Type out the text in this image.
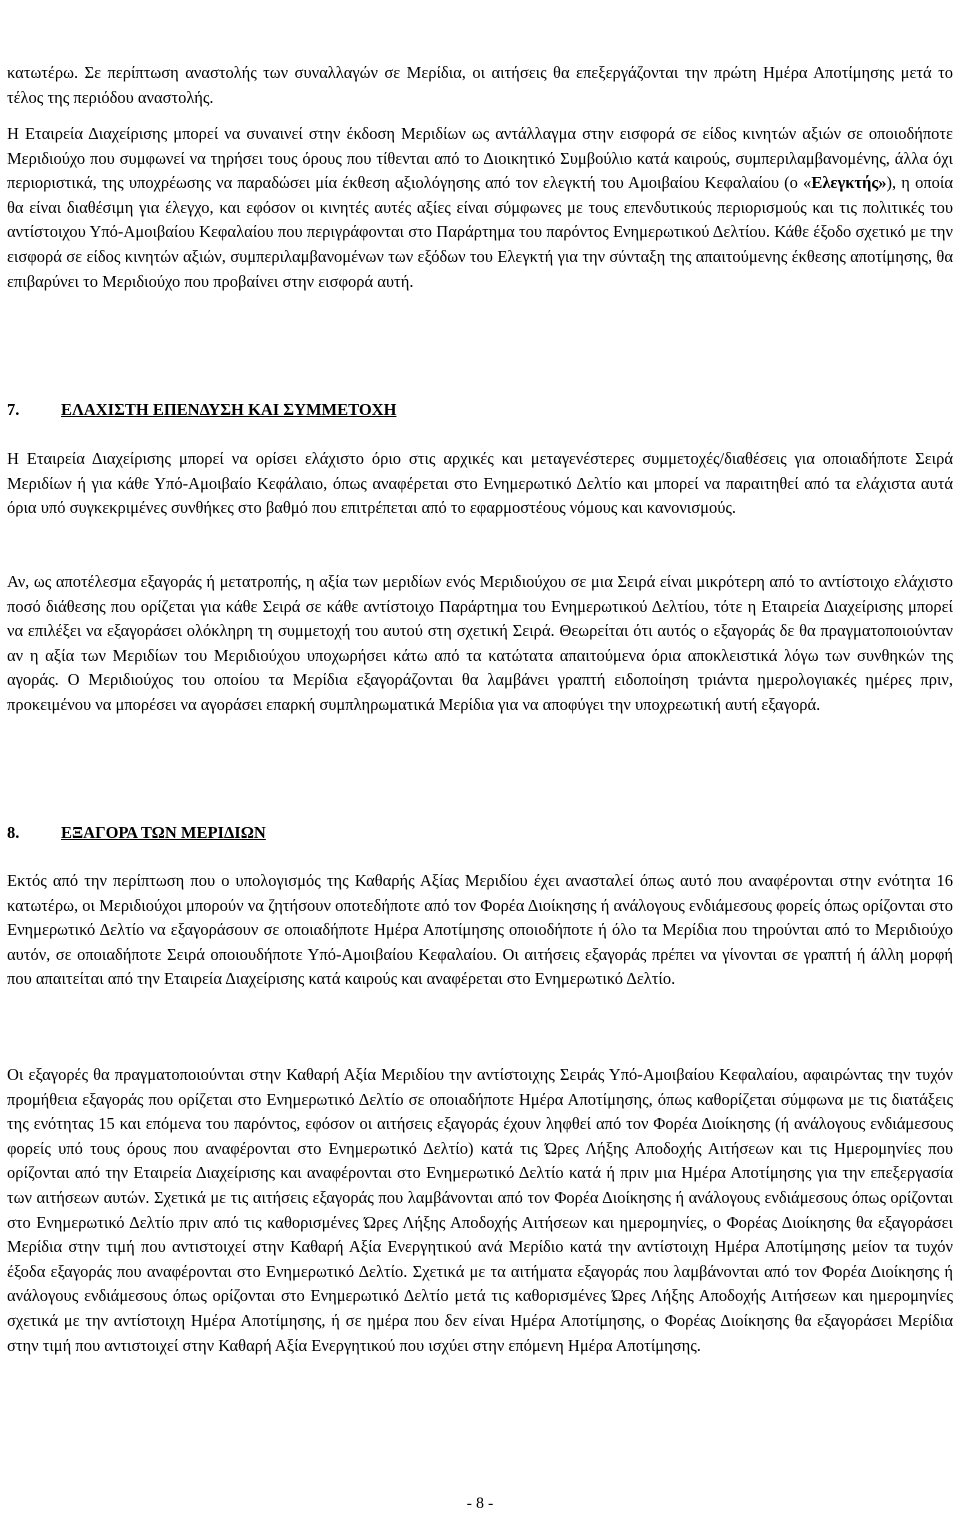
κατωτέρω. Σε περίπτωση αναστολής των συναλλαγών σε Μερίδια, οι αιτήσεις θα επεξεργάζονται την πρώτη Ημέρα Αποτίμησης μετά το τέλος της περιόδου αναστολής.

Η Εταιρεία Διαχείρισης μπορεί να συναινεί στην έκδοση Μεριδίων ως αντάλλαγμα στην εισφορά σε είδος κινητών αξιών σε οποιοδήποτε Μεριδιούχο που συμφωνεί να τηρήσει τους όρους που τίθενται από το Διοικητικό Συμβούλιο κατά καιρούς, συμπεριλαμβανομένης, άλλα όχι περιοριστικά, της υποχρέωσης να παραδώσει μία έκθεση αξιολόγησης από τον ελεγκτή του Αμοιβαίου Κεφαλαίου (ο «Ελεγκτής»), η οποία θα είναι διαθέσιμη για έλεγχο, και εφόσον οι κινητές αυτές αξίες είναι σύμφωνες με τους επενδυτικούς περιορισμούς και τις πολιτικές του αντίστοιχου Υπό-Αμοιβαίου Κεφαλαίου που περιγράφονται στο Παράρτημα του παρόντος Ενημερωτικού Δελτίου. Κάθε έξοδο σχετικό με την εισφορά σε είδος κινητών αξιών, συμπεριλαμβανομένων των εξόδων του Ελεγκτή για την σύνταξη της απαιτούμενης έκθεσης αποτίμησης, θα επιβαρύνει το Μεριδιούχο που προβαίνει στην εισφορά αυτή.

7.	ΕΛΑΧΙΣΤΗ ΕΠΕΝΔΥΣΗ ΚΑΙ ΣΥΜΜΕΤΟΧΗ

Η Εταιρεία Διαχείρισης μπορεί να ορίσει ελάχιστο όριο στις αρχικές και μεταγενέστερες συμμετοχές/διαθέσεις για οποιαδήποτε Σειρά Μεριδίων ή για κάθε Υπό-Αμοιβαίο Κεφάλαιο, όπως αναφέρεται στο Ενημερωτικό Δελτίο και μπορεί να παραιτηθεί από τα ελάχιστα αυτά όρια υπό συγκεκριμένες συνθήκες στο βαθμό που επιτρέπεται από το εφαρμοστέους νόμους και κανονισμούς.

Αν, ως αποτέλεσμα εξαγοράς ή μετατροπής, η αξία των μεριδίων ενός Μεριδιούχου σε μια Σειρά είναι μικρότερη από το αντίστοιχο ελάχιστο ποσό διάθεσης που ορίζεται για κάθε Σειρά σε κάθε αντίστοιχο Παράρτημα του Ενημερωτικού Δελτίου, τότε η Εταιρεία Διαχείρισης μπορεί να επιλέξει να εξαγοράσει ολόκληρη τη συμμετοχή του αυτού στη σχετική Σειρά. Θεωρείται ότι αυτός ο εξαγοράς δε θα πραγματοποιούνταν αν η αξία των Μεριδίων του Μεριδιούχου υποχωρήσει κάτω από τα κατώτατα απαιτούμενα όρια αποκλειστικά λόγω των συνθηκών της αγοράς. Ο Μεριδιούχος του οποίου τα Μερίδια εξαγοράζονται θα λαμβάνει γραπτή ειδοποίηση τριάντα ημερολογιακές ημέρες πριν, προκειμένου να μπορέσει να αγοράσει επαρκή συμπληρωματικά Μερίδια για να αποφύγει την υποχρεωτική αυτή εξαγορά.

8.	ΕΞΑΓΟΡΑ ΤΩΝ ΜΕΡΙΔΙΩΝ

Εκτός από την περίπτωση που ο υπολογισμός της Καθαρής Αξίας Μεριδίου έχει ανασταλεί όπως αυτό που αναφέρονται στην ενότητα 16 κατωτέρω, οι Μεριδιούχοι μπορούν να ζητήσουν οποτεδήποτε από τον Φορέα Διοίκησης ή ανάλογους ενδιάμεσους φορείς όπως ορίζονται στο Ενημερωτικό Δελτίο να εξαγοράσουν σε οποιαδήποτε Ημέρα Αποτίμησης οποιοδήποτε ή όλο τα Μερίδια που τηρούνται από το Μεριδιούχο αυτόν, σε οποιαδήποτε Σειρά οποιουδήποτε Υπό-Αμοιβαίου Κεφαλαίου. Οι αιτήσεις εξαγοράς πρέπει να γίνονται σε γραπτή ή άλλη μορφή που απαιτείται από την Εταιρεία Διαχείρισης κατά καιρούς και αναφέρεται στο Ενημερωτικό Δελτίο.

Οι εξαγορές θα πραγματοποιούνται στην Καθαρή Αξία Μεριδίου την αντίστοιχης Σειράς Υπό-Αμοιβαίου Κεφαλαίου, αφαιρώντας την τυχόν προμήθεια εξαγοράς που ορίζεται στο Ενημερωτικό Δελτίο σε οποιαδήποτε Ημέρα Αποτίμησης, όπως καθορίζεται σύμφωνα με τις διατάξεις της ενότητας 15 και επόμενα του παρόντος, εφόσον οι αιτήσεις εξαγοράς έχουν ληφθεί από τον Φορέα Διοίκησης (ή ανάλογους ενδιάμεσους φορείς υπό τους όρους που αναφέρονται στο Ενημερωτικό Δελτίο) κατά τις Ώρες Λήξης Αποδοχής Αιτήσεων και τις Ημερομηνίες που ορίζονται από την Εταιρεία Διαχείρισης και αναφέρονται στο Ενημερωτικό Δελτίο κατά ή πριν μια Ημέρα Αποτίμησης για την επεξεργασία των αιτήσεων αυτών. Σχετικά με τις αιτήσεις εξαγοράς που λαμβάνονται από τον Φορέα Διοίκησης ή ανάλογους ενδιάμεσους όπως ορίζονται στο Ενημερωτικό Δελτίο πριν από τις καθορισμένες Ώρες Λήξης Αποδοχής Αιτήσεων και ημερομηνίες, ο Φορέας Διοίκησης θα εξαγοράσει Μερίδια στην τιμή που αντιστοιχεί στην Καθαρή Αξία Ενεργητικού ανά Μερίδιο κατά την αντίστοιχη Ημέρα Αποτίμησης μείον τα τυχόν έξοδα εξαγοράς που αναφέρονται στο Ενημερωτικό Δελτίο. Σχετικά με τα αιτήματα εξαγοράς που λαμβάνονται από τον Φορέα Διοίκησης ή ανάλογους ενδιάμεσους όπως ορίζονται στο Ενημερωτικό Δελτίο μετά τις καθορισμένες Ώρες Λήξης Αποδοχής Αιτήσεων και ημερομηνίες σχετικά με την αντίστοιχη Ημέρα Αποτίμησης, ή σε ημέρα που δεν είναι Ημέρα Αποτίμησης, ο Φορέας Διοίκησης θα εξαγοράσει Μερίδια στην τιμή που αντιστοιχεί στην Καθαρή Αξία Ενεργητικού που ισχύει στην επόμενη Ημέρα Αποτίμησης.

- 8 -
